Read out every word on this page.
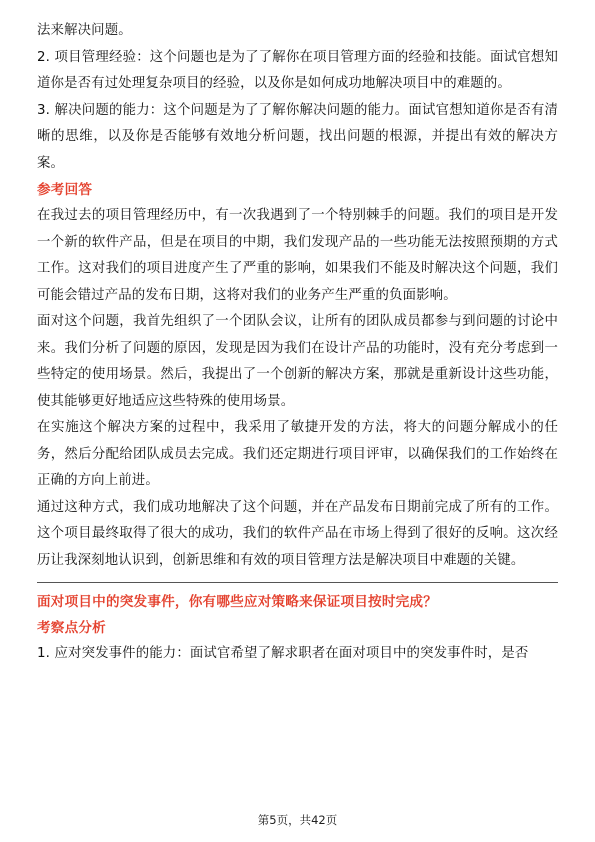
法来解决问题。

2. 项目管理经验：这个问题也是为了了解你在项目管理方面的经验和技能。面试官想知道你是否有过处理复杂项目的经验，以及你是如何成功地解决项目中的难题的。

3. 解决问题的能力：这个问题是为了了解你解决问题的能力。面试官想知道你是否有清晰的思维，以及你是否能够有效地分析问题，找出问题的根源，并提出有效的解决方案。

参考回答

在我过去的项目管理经历中，有一次我遇到了一个特别棘手的问题。我们的项目是开发一个新的软件产品，但是在项目的中期，我们发现产品的一些功能无法按照预期的方式工作。这对我们的项目进度产生了严重的影响，如果我们不能及时解决这个问题，我们可能会错过产品的发布日期，这将对我们的业务产生严重的负面影响。

面对这个问题，我首先组织了一个团队会议，让所有的团队成员都参与到问题的讨论中来。我们分析了问题的原因，发现是因为我们在设计产品的功能时，没有充分考虑到一些特定的使用场景。然后，我提出了一个创新的解决方案，那就是重新设计这些功能，使其能够更好地适应这些特殊的使用场景。

在实施这个解决方案的过程中，我采用了敏捷开发的方法，将大的问题分解成小的任务，然后分配给团队成员去完成。我们还定期进行项目评审，以确保我们的工作始终在正确的方向上前进。

通过这种方式，我们成功地解决了这个问题，并在产品发布日期前完成了所有的工作。这个项目最终取得了很大的成功，我们的软件产品在市场上得到了很好的反响。这次经历让我深刻地认识到，创新思维和有效的项目管理方法是解决项目中难题的关键。

面对项目中的突发事件，你有哪些应对策略来保证项目按时完成？
考察点分析

1. 应对突发事件的能力：面试官希望了解求职者在面对项目中的突发事件时，是否

第5页，共42页
